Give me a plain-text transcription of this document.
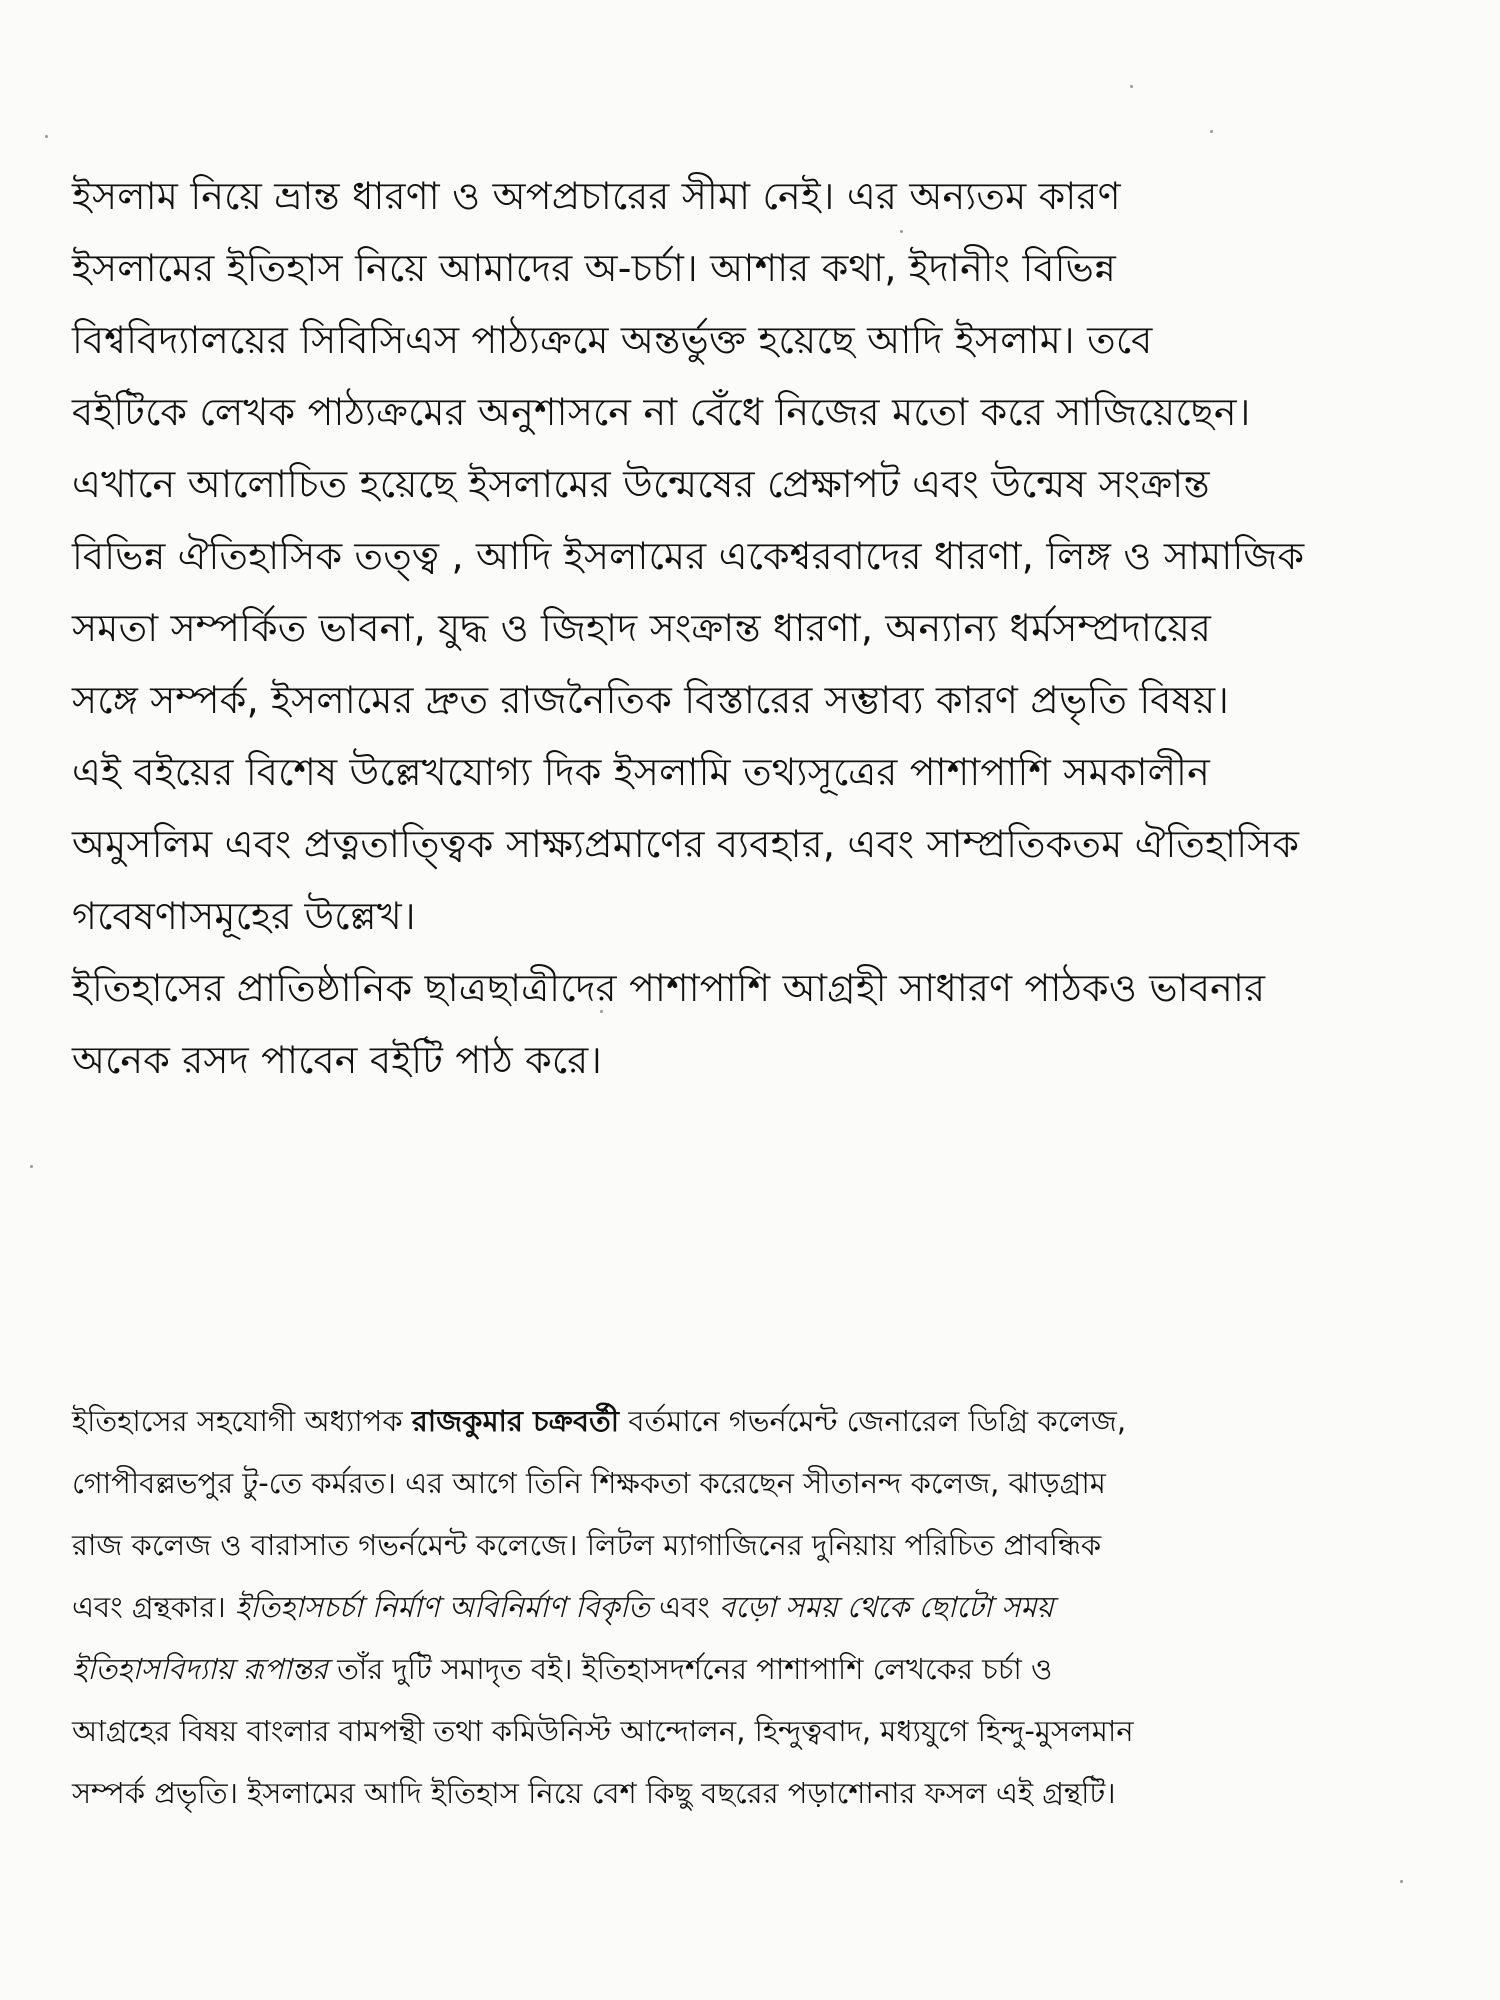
ইসলাম নিয়ে ভ্রান্ত ধারণা ও অপপ্রচারের সীমা নেই। এর অন্যতম কারণ
ইসলামের ইতিহাস নিয়ে আমাদের অ-চর্চা। আশার কথা, ইদানীং বিভিন্ন
বিশ্ববিদ্যালয়ের সিবিসিএস পাঠ্যক্রমে অন্তর্ভুক্ত হয়েছে আদি ইসলাম। তবে
বইটিকে লেখক পাঠ্যক্রমের অনুশাসনে না বেঁধে নিজের মতো করে সাজিয়েছেন।
এখানে আলোচিত হয়েছে ইসলামের উন্মেষের প্রেক্ষাপট এবং উন্মেষ সংক্রান্ত
বিভিন্ন ঐতিহাসিক তত্ত্ব , আদি ইসলামের একেশ্বরবাদের ধারণা, লিঙ্গ ও সামাজিক
সমতা সম্পর্কিত ভাবনা, যুদ্ধ ও জিহাদ সংক্রান্ত ধারণা, অন্যান্য ধর্মসম্প্রদায়ের
সঙ্গে সম্পর্ক, ইসলামের দ্রুত রাজনৈতিক বিস্তারের সম্ভাব্য কারণ প্রভৃতি বিষয়।
এই বইয়ের বিশেষ উল্লেখযোগ্য দিক ইসলামি তথ্যসূত্রের পাশাপাশি সমকালীন
অমুসলিম এবং প্রত্নতাত্ত্বিক সাক্ষ্যপ্রমাণের ব্যবহার, এবং সাম্প্রতিকতম ঐতিহাসিক
গবেষণাসমূহের উল্লেখ।
ইতিহাসের প্রাতিষ্ঠানিক ছাত্রছাত্রীদের পাশাপাশি আগ্রহী সাধারণ পাঠকও ভাবনার
অনেক রসদ পাবেন বইটি পাঠ করে।
ইতিহাসের সহযোগী অধ্যাপক রাজকুমার চক্রবর্তী বর্তমানে গভর্নমেন্ট জেনারেল ডিগ্রি কলেজ,
গোপীবল্লভপুর টু-তে কর্মরত। এর আগে তিনি শিক্ষকতা করেছেন সীতানন্দ কলেজ, ঝাড়গ্রাম
রাজ কলেজ ও বারাসাত গভর্নমেন্ট কলেজে। লিটল ম্যাগাজিনের দুনিয়ায় পরিচিত প্রাবন্ধিক
এবং গ্রন্থকার। ইতিহাসচর্চা নির্মাণ অবিনির্মাণ বিকৃতি এবং বড়ো সময় থেকে ছোটো সময়
ইতিহাসবিদ্যায় রূপান্তর তাঁর দুটি সমাদৃত বই। ইতিহাসদর্শনের পাশাপাশি লেখকের চর্চা ও
আগ্রহের বিষয় বাংলার বামপন্থী তথা কমিউনিস্ট আন্দোলন, হিন্দুত্ববাদ, মধ্যযুগে হিন্দু-মুসলমান
সম্পর্ক প্রভৃতি। ইসলামের আদি ইতিহাস নিয়ে বেশ কিছু বছরের পড়াশোনার ফসল এই গ্রন্থটি।
